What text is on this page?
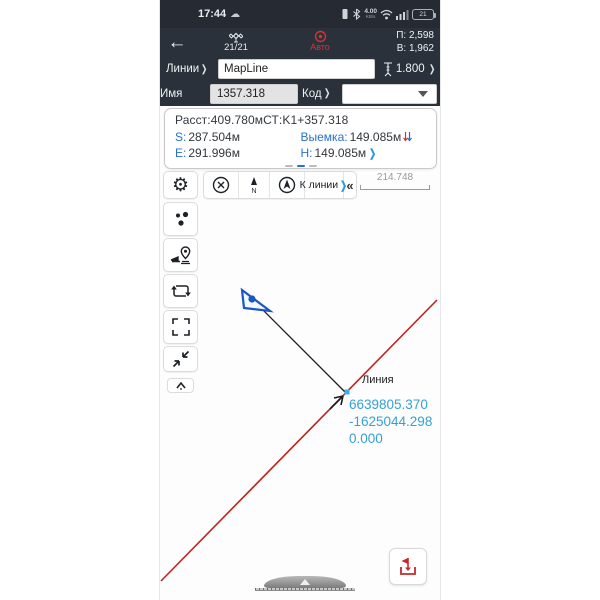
Линия
6639805.370
-1625044.298
0.000
17:44 ☁	4.00
KB/s	21
←	21/21	Авто
П: 2,598
В: 1,962
Линии ❯	MapLine	1.800 ❯
Имя	1357.318	Код ❯
Расст:409.780мСТ:K1+357.318
S: 287.504м	Выемка: 149.085м
E: 291.996м	H: 149.085м ❯
⚙	N
К линии ❯ «	214.748
